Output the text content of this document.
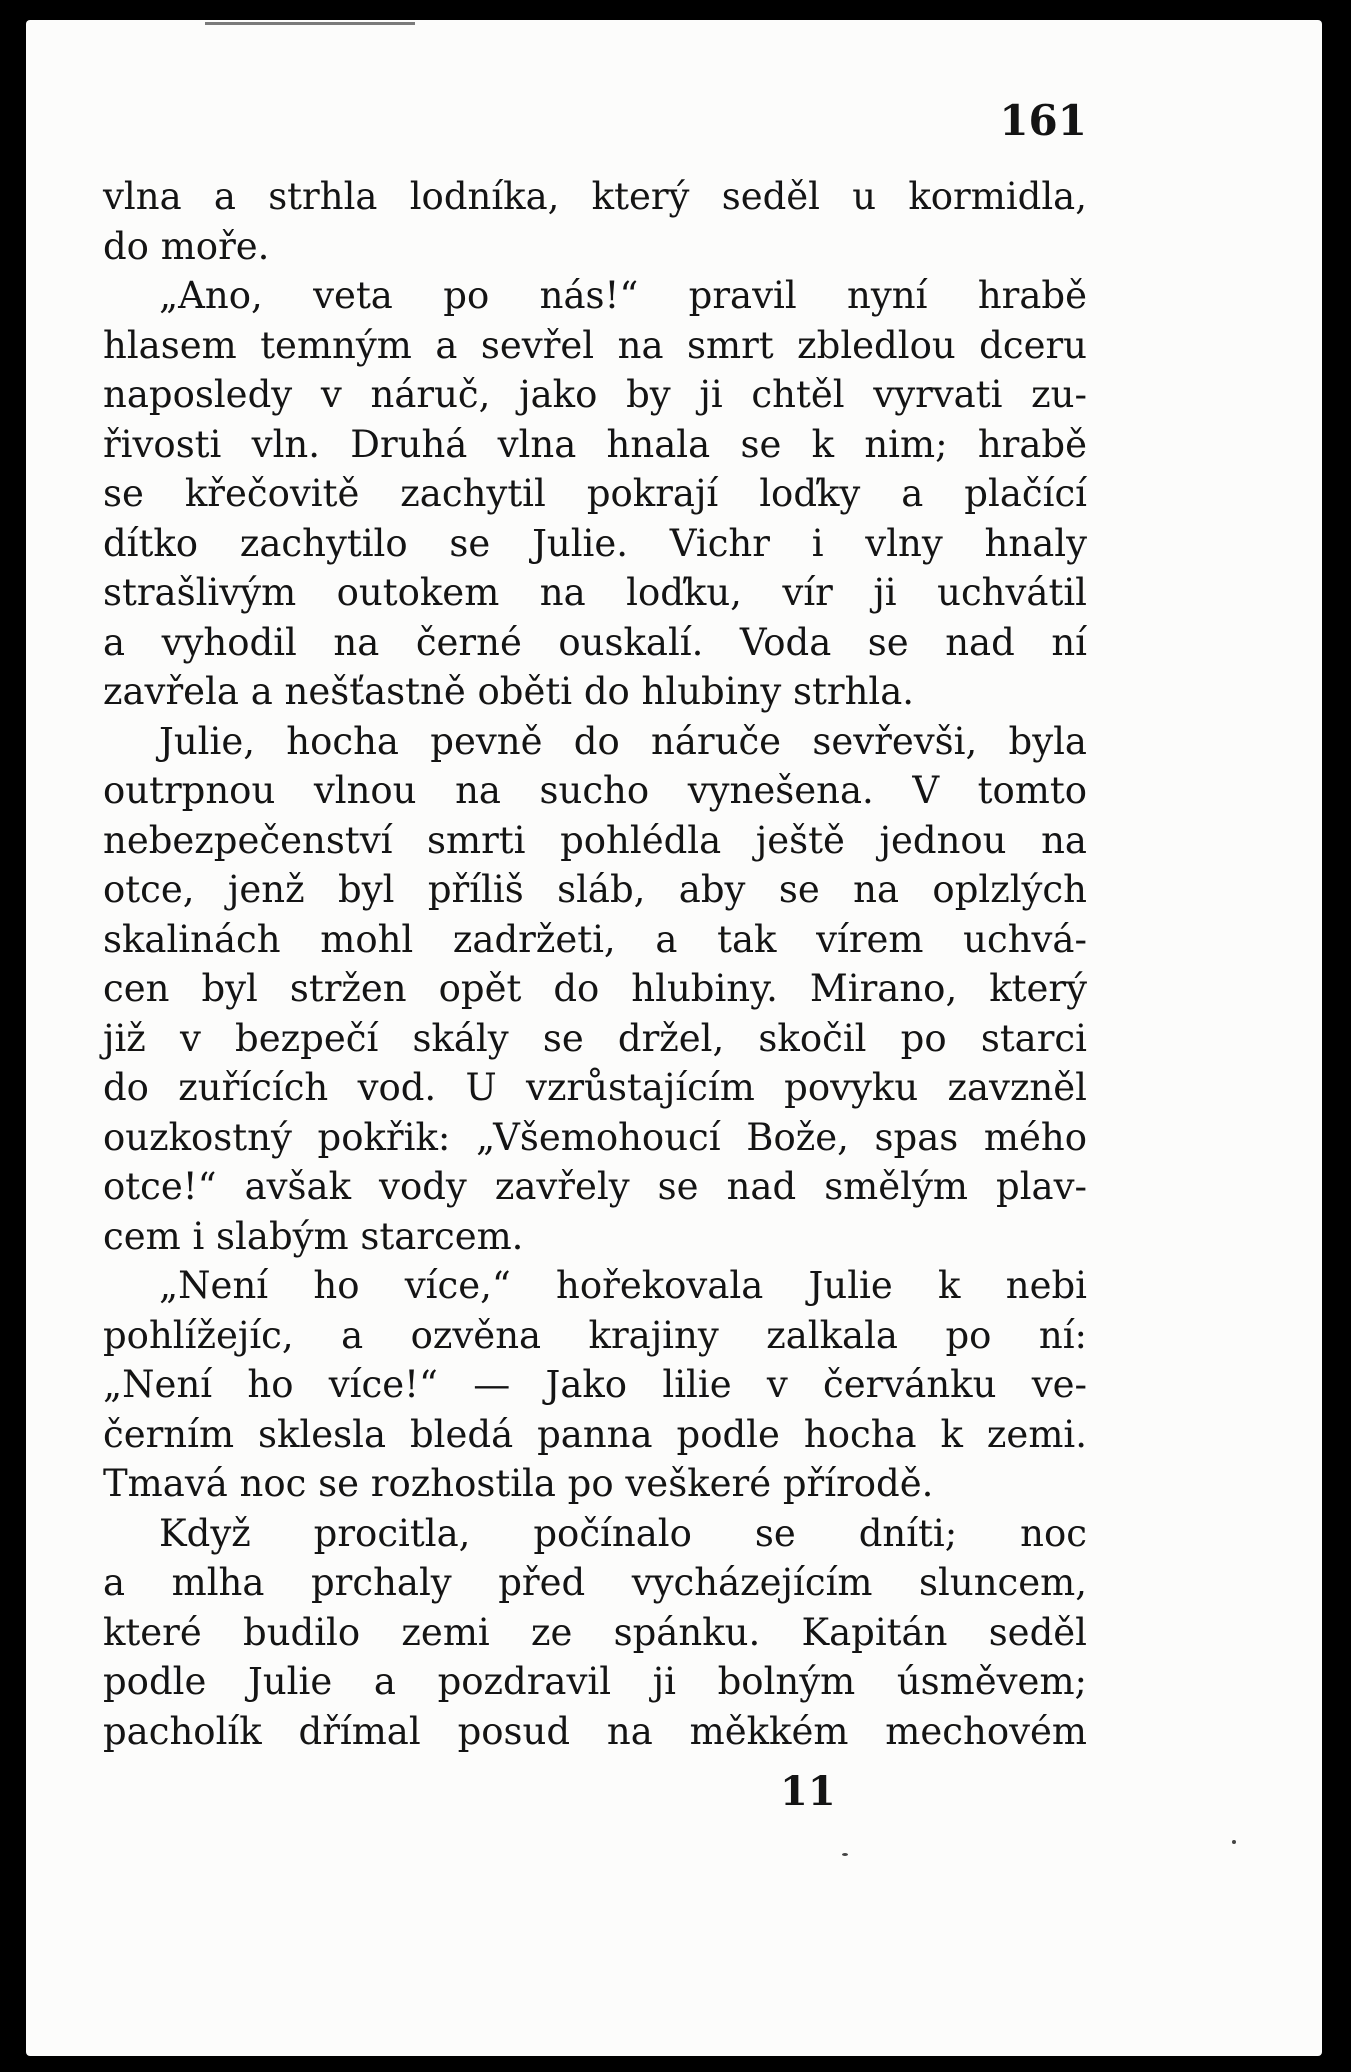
161
vlna a strhla lodníka, který seděl u kormidla,
do moře.
„Ano, veta po nás!“ pravil nyní hrabě
hlasem temným a sevřel na smrt zbledlou dceru
naposledy v náruč, jako by ji chtěl vyrvati zu-
řivosti vln. Druhá vlna hnala se k nim; hrabě
se křečovitě zachytil pokrají loďky a plačící
dítko zachytilo se Julie. Vichr i vlny hnaly
strašlivým outokem na loďku, vír ji uchvátil
a vyhodil na černé ouskalí. Voda se nad ní
zavřela a nešťastně oběti do hlubiny strhla.
Julie, hocha pevně do náruče sevřevši, byla
outrpnou vlnou na sucho vynešena. V tomto
nebezpečenství smrti pohlédla ještě jednou na
otce, jenž byl příliš sláb, aby se na oplzlých
skalinách mohl zadržeti, a tak vírem uchvá-
cen byl stržen opět do hlubiny. Mirano, který
již v bezpečí skály se držel, skočil po starci
do zuřících vod. U vzrůstajícím povyku zavzněl
ouzkostný pokřik: „Všemohoucí Bože, spas mého
otce!“ avšak vody zavřely se nad smělým plav-
cem i slabým starcem.
„Není ho více,“ hořekovala Julie k nebi
pohlížejíc, a ozvěna krajiny zalkala po ní:
„Není ho více!“ — Jako lilie v červánku ve-
černím sklesla bledá panna podle hocha k zemi.
Tmavá noc se rozhostila po veškeré přírodě.
Když procitla, počínalo se dníti; noc
a mlha prchaly před vycházejícím sluncem,
které budilo zemi ze spánku. Kapitán seděl
podle Julie a pozdravil ji bolným úsměvem;
pacholík dřímal posud na měkkém mechovém
11
